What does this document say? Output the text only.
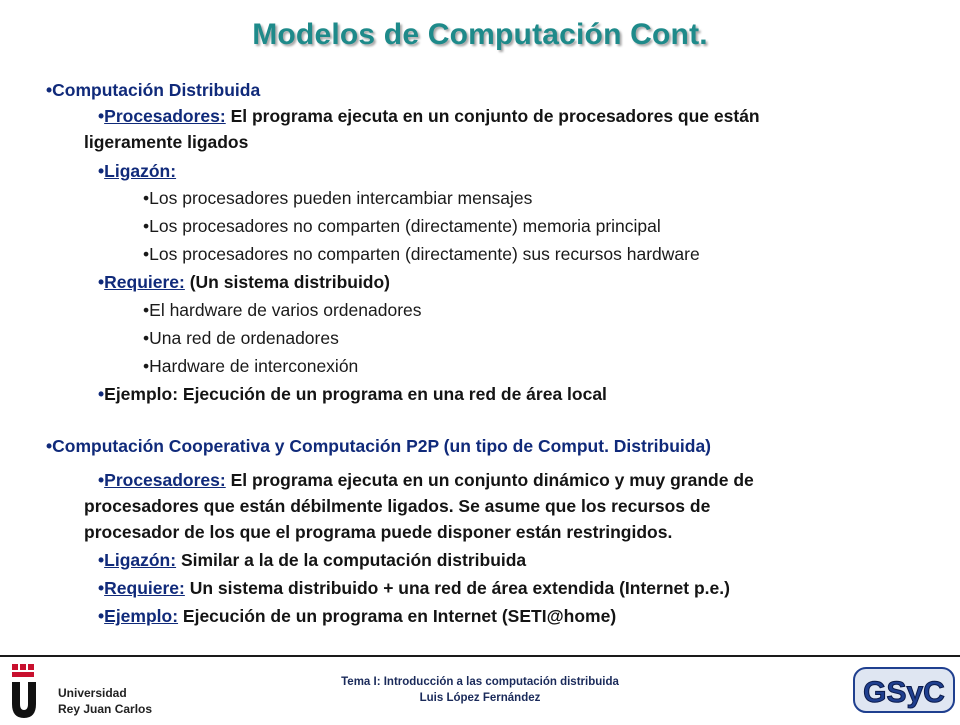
Modelos de Computación Cont.
•Computación Distribuida
•Procesadores: El programa ejecuta en un conjunto de procesadores que están
ligeramente ligados
•Ligazón:
•Los procesadores pueden intercambiar mensajes
•Los procesadores no comparten (directamente) memoria principal
•Los procesadores no comparten (directamente) sus recursos hardware
•Requiere: (Un sistema distribuido)
•El hardware de varios ordenadores
•Una red de ordenadores
•Hardware de interconexión
•Ejemplo: Ejecución de un programa en una red de área local
•Computación Cooperativa y Computación P2P (un tipo de Comput. Distribuida)
•Procesadores: El programa ejecuta en un conjunto dinámico y muy grande de
procesadores que están débilmente ligados. Se asume que los recursos de
procesador de los que el programa puede disponer están restringidos.
•Ligazón: Similar a la de la computación distribuida
•Requiere: Un sistema distribuido + una red de área extendida (Internet p.e.)
•Ejemplo: Ejecución de un programa en Internet (SETI@home)
Universidad
Rey Juan Carlos
Tema I: Introducción a las computación distribuida
Luis López Fernández	GSyC
